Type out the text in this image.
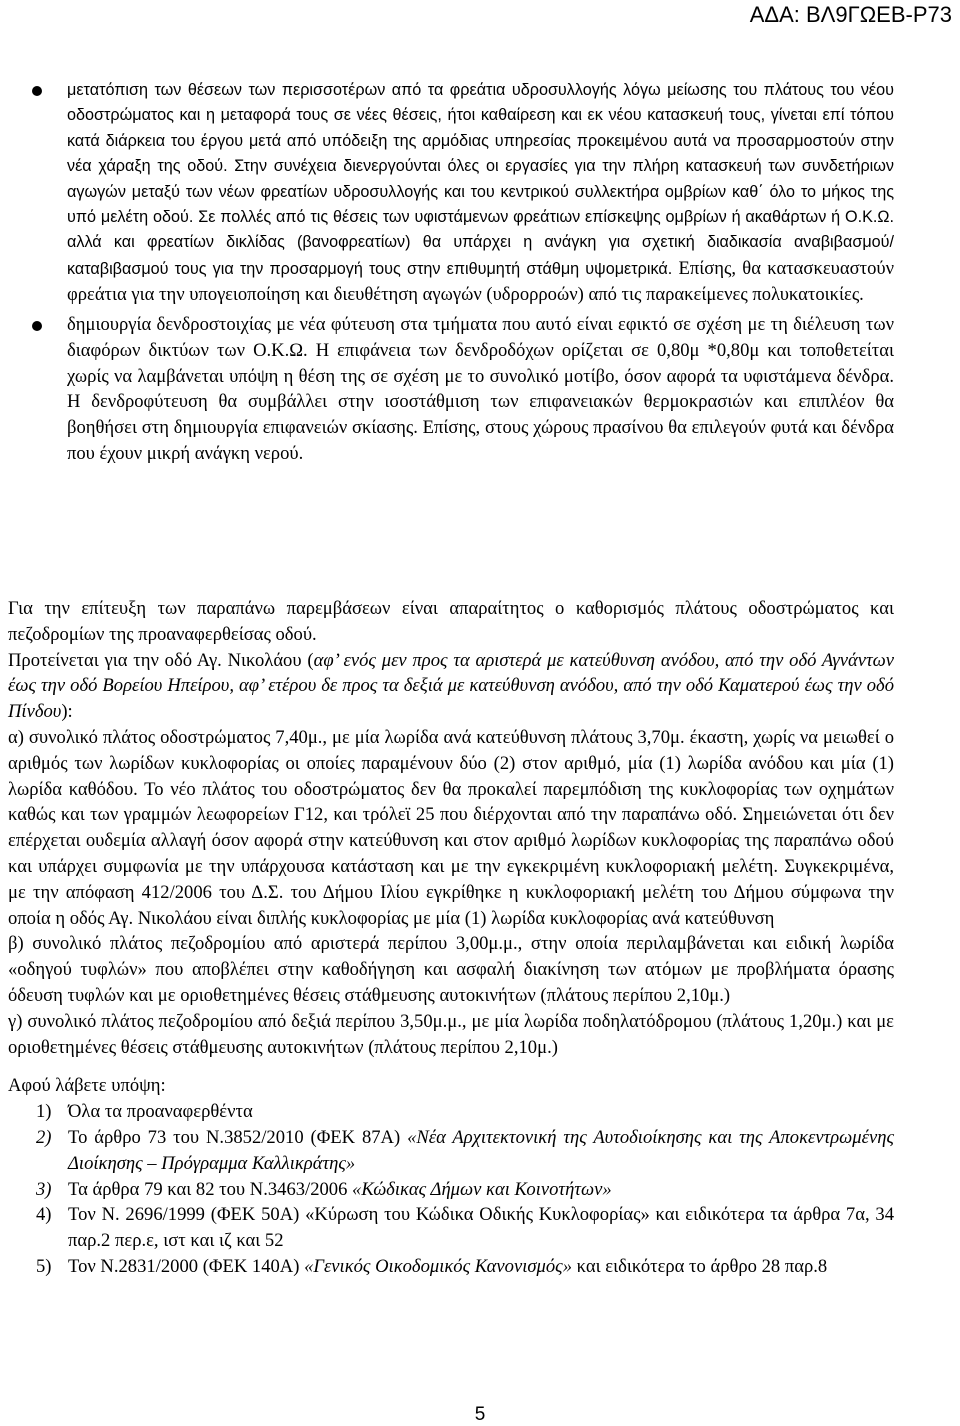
ΑΔΑ: ΒΛ9ΓΩΕΒ-Ρ73
μετατόπιση των θέσεων των περισσοτέρων από τα φρεάτια υδροσυλλογής λόγω μείωσης του πλάτους του νέου οδοστρώματος και η μεταφορά τους σε νέες θέσεις, ήτοι καθαίρεση και εκ νέου κατασκευή τους, γίνεται επί τόπου κατά διάρκεια του έργου μετά από υπόδειξη της αρμόδιας υπηρεσίας προκειμένου αυτά να προσαρμοστούν στην νέα χάραξη της οδού. Στην συνέχεια διενεργούνται όλες οι εργασίες για την πλήρη κατασκευή των συνδετήριων αγωγών μεταξύ των νέων φρεατίων υδροσυλλογής και του κεντρικού συλλεκτήρα ομβρίων καθ΄ όλο το μήκος της υπό μελέτη οδού. Σε πολλές από τις θέσεις των υφιστάμενων φρεάτιων επίσκεψης ομβρίων ή ακαθάρτων ή Ο.Κ.Ω. αλλά και φρεατίων δικλίδας (βανοφρεατίων) θα υπάρχει η ανάγκη για σχετική διαδικασία αναβιβασμού/ καταβιβασμού τους για την προσαρμογή τους στην επιθυμητή στάθμη υψομετρικά. Επίσης, θα κατασκευαστούν φρεάτια για την υπογειοποίηση και διευθέτηση αγωγών (υδρορροών) από τις παρακείμενες πολυκατοικίες.
δημιουργία δενδροστοιχίας με νέα φύτευση στα τμήματα που αυτό είναι εφικτό σε σχέση με τη διέλευση των διαφόρων δικτύων των Ο.Κ.Ω. Η επιφάνεια των δενδροδόχων ορίζεται σε 0,80μ *0,80μ και τοποθετείται χωρίς να λαμβάνεται υπόψη η θέση της σε σχέση με το συνολικό μοτίβο, όσον αφορά τα υφιστάμενα δένδρα. Η δενδροφύτευση θα συμβάλλει στην ισοστάθμιση των επιφανειακών θερμοκρασιών και επιπλέον θα βοηθήσει στη δημιουργία επιφανειών σκίασης. Επίσης, στους χώρους πρασίνου θα επιλεγούν φυτά και δένδρα που έχουν μικρή ανάγκη νερού.

Για την επίτευξη των παραπάνω παρεμβάσεων είναι απαραίτητος ο καθορισμός πλάτους οδοστρώματος και πεζοδρομίων της προαναφερθείσας οδού.

Προτείνεται για την οδό Αγ. Νικολάου (αφ’ ενός μεν προς τα αριστερά με κατεύθυνση ανόδου, από την οδό Αγνάντων έως την οδό Βορείου Ηπείρου, αφ’ ετέρου δε προς τα δεξιά με κατεύθυνση ανόδου, από την οδό Καματερού έως την οδό Πίνδου):

α) συνολικό πλάτος οδοστρώματος 7,40μ., με μία λωρίδα ανά κατεύθυνση πλάτους 3,70μ. έκαστη, χωρίς να μειωθεί ο αριθμός των λωρίδων κυκλοφορίας οι οποίες παραμένουν δύο (2) στον αριθμό, μία (1) λωρίδα ανόδου και μία (1) λωρίδα καθόδου. Το νέο πλάτος του οδοστρώματος δεν θα προκαλεί παρεμπόδιση της κυκλοφορίας των οχημάτων καθώς και των γραμμών λεωφορείων Γ12, και τρόλεϊ 25 που διέρχονται από την παραπάνω οδό. Σημειώνεται ότι δεν επέρχεται ουδεμία αλλαγή όσον αφορά στην κατεύθυνση και στον αριθμό λωρίδων κυκλοφορίας της παραπάνω οδού και υπάρχει συμφωνία με την υπάρχουσα κατάσταση και με την εγκεκριμένη κυκλοφοριακή μελέτη. Συγκεκριμένα, με την απόφαση 412/2006 του Δ.Σ. του Δήμου Ιλίου εγκρίθηκε η κυκλοφοριακή μελέτη του Δήμου σύμφωνα την οποία η οδός Αγ. Νικολάου είναι διπλής κυκλοφορίας με μία (1) λωρίδα κυκλοφορίας ανά κατεύθυνση

β) συνολικό πλάτος πεζοδρομίου από αριστερά περίπου 3,00μ.μ., στην οποία περιλαμβάνεται και ειδική λωρίδα «οδηγού τυφλών» που αποβλέπει στην καθοδήγηση και ασφαλή διακίνηση των ατόμων με προβλήματα όρασης όδευση τυφλών και με οριοθετημένες θέσεις στάθμευσης αυτοκινήτων (πλάτους περίπου 2,10μ.)

γ) συνολικό πλάτος πεζοδρομίου από δεξιά περίπου 3,50μ.μ., με μία λωρίδα ποδηλατόδρομου (πλάτους 1,20μ.) και με οριοθετημένες θέσεις στάθμευσης αυτοκινήτων (πλάτους περίπου 2,10μ.)

Αφού λάβετε υπόψη:

1) Όλα τα προαναφερθέντα
2) Το άρθρο 73 του Ν.3852/2010 (ΦΕΚ 87Α) «Νέα Αρχιτεκτονική της Αυτοδιοίκησης και της Αποκεντρωμένης Διοίκησης – Πρόγραμμα Καλλικράτης»
3) Τα άρθρα 79 και 82 του Ν.3463/2006 «Κώδικας Δήμων και Κοινοτήτων»
4) Τον Ν. 2696/1999 (ΦΕΚ 50Α) «Κύρωση του Κώδικα Οδικής Κυκλοφορίας» και ειδικότερα τα άρθρα 7α, 34 παρ.2 περ.ε, ιστ και ιζ και 52
5) Τον Ν.2831/2000 (ΦΕΚ 140Α) «Γενικός Οικοδομικός Κανονισμός» και ειδικότερα το άρθρο 28 παρ.8
5
